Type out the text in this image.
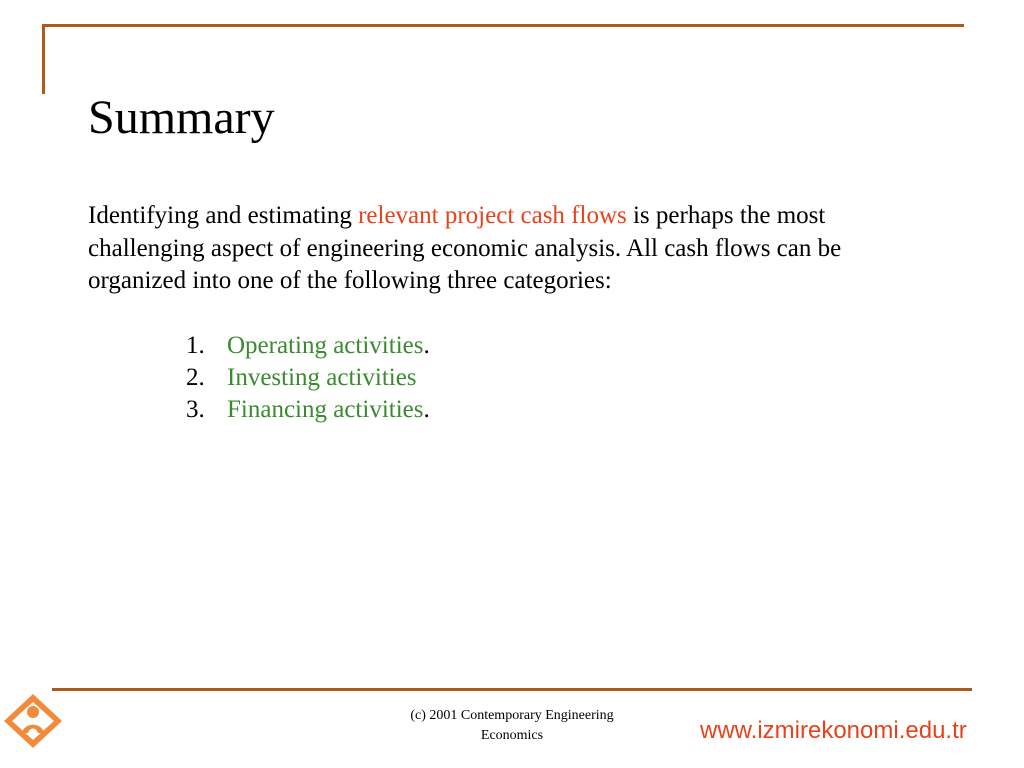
Summary

Identifying and estimating relevant project cash flows is perhaps the most challenging aspect of engineering economic analysis. All cash flows can be organized into one of the following three categories:

1. Operating activities.
2. Investing activities
3. Financing activities.

(c) 2001 Contemporary Engineering
Economics	www.izmirekonomi.edu.tr
